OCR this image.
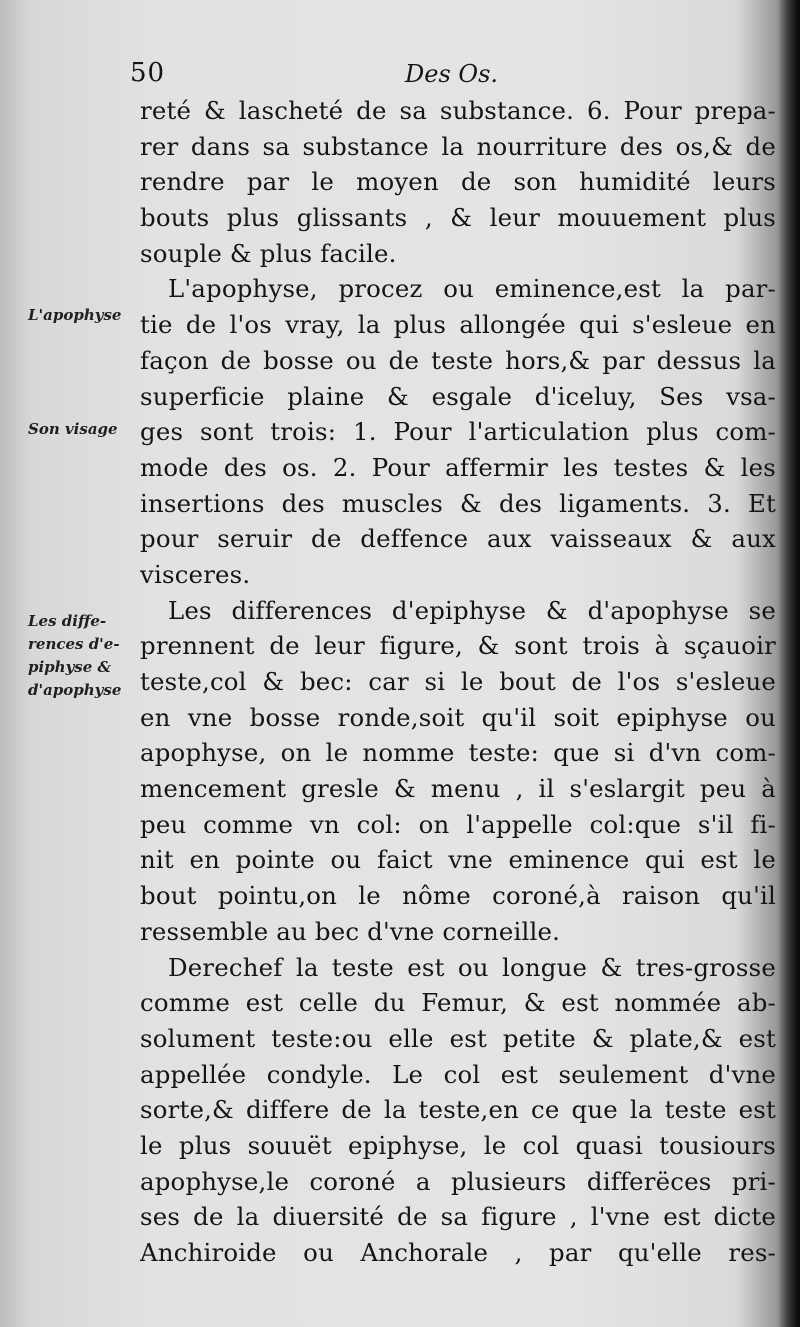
50	Des Os.
L'apophyse
Son visage
Les diffe-
rences d'e-
piphyse &
d'apophyse
reté & lascheté de sa substance. 6. Pour prepa-
rer dans sa substance la nourriture des os,& de
rendre par le moyen de son humidité leurs
bouts plus glissants , & leur mouuement plus
souple & plus facile.
L'apophyse, procez ou eminence,est la par-
tie de l'os vray, la plus allongée qui s'esleue en
façon de bosse ou de teste hors,& par dessus la
superficie plaine & esgale d'iceluy, Ses vsa-
ges sont trois: 1. Pour l'articulation plus com-
mode des os. 2. Pour affermir les testes & les
insertions des muscles & des ligaments. 3. Et
pour seruir de deffence aux vaisseaux & aux
visceres.
Les differences d'epiphyse & d'apophyse se
prennent de leur figure, & sont trois à sçauoir
teste,col & bec: car si le bout de l'os s'esleue
en vne bosse ronde,soit qu'il soit epiphyse ou
apophyse, on le nomme teste: que si d'vn com-
mencement gresle & menu , il s'eslargit peu à
peu comme vn col: on l'appelle col:que s'il fi-
nit en pointe ou faict vne eminence qui est le
bout pointu,on le nôme coroné,à raison qu'il
ressemble au bec d'vne corneille.
Derechef la teste est ou longue & tres-grosse
comme est celle du Femur, & est nommée ab-
solument teste:ou elle est petite & plate,& est
appellée condyle. Le col est seulement d'vne
sorte,& differe de la teste,en ce que la teste est
le plus souuët epiphyse, le col quasi tousiours
apophyse,le coroné a plusieurs differëces pri-
ses de la diuersité de sa figure , l'vne est dicte
Anchiroide ou Anchorale , par qu'elle res-
